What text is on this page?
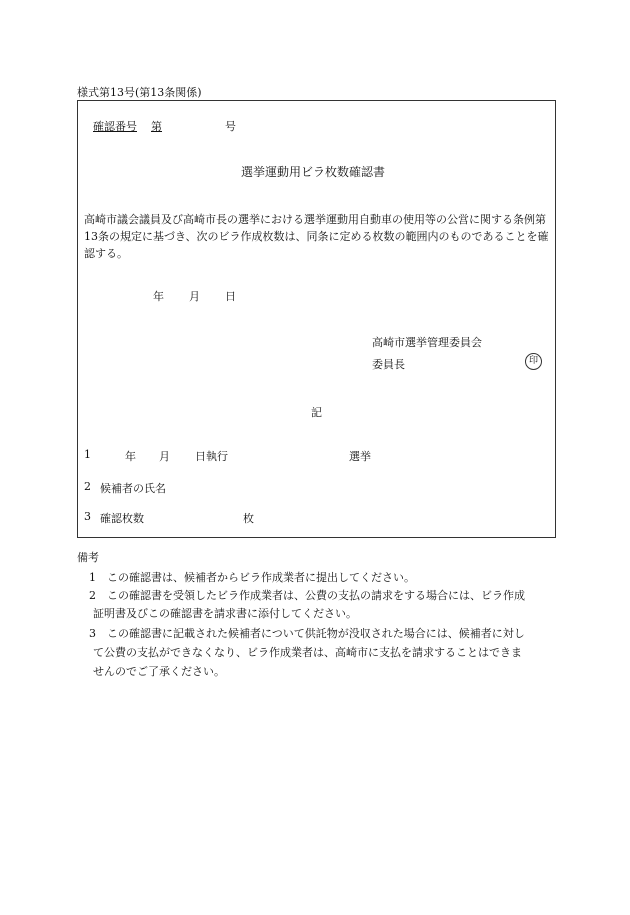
様式第13号(第13条関係)
確認番号 第	号
選挙運動用ビラ枚数確認書
高崎市議会議員及び高崎市長の選挙における選挙運動用自動車の使用等の公営に関する条例第13条の規定に基づき、次のビラ作成枚数は、同条に定める枚数の範囲内のものであることを確認する。
年 月 日
高崎市選挙管理委員会
委員長	印
記
1	年 月 日執行	選挙
2 候補者の氏名
3 確認枚数	枚
備考
1　この確認書は、候補者からビラ作成業者に提出してください。
2　この確認書を受領したビラ作成業者は、公費の支払の請求をする場合には、ビラ作成
証明書及びこの確認書を請求書に添付してください。
3　この確認書に記載された候補者について供託物が没収された場合には、候補者に対し
て公費の支払ができなくなり、ビラ作成業者は、高崎市に支払を請求することはできま
せんのでご了承ください。
